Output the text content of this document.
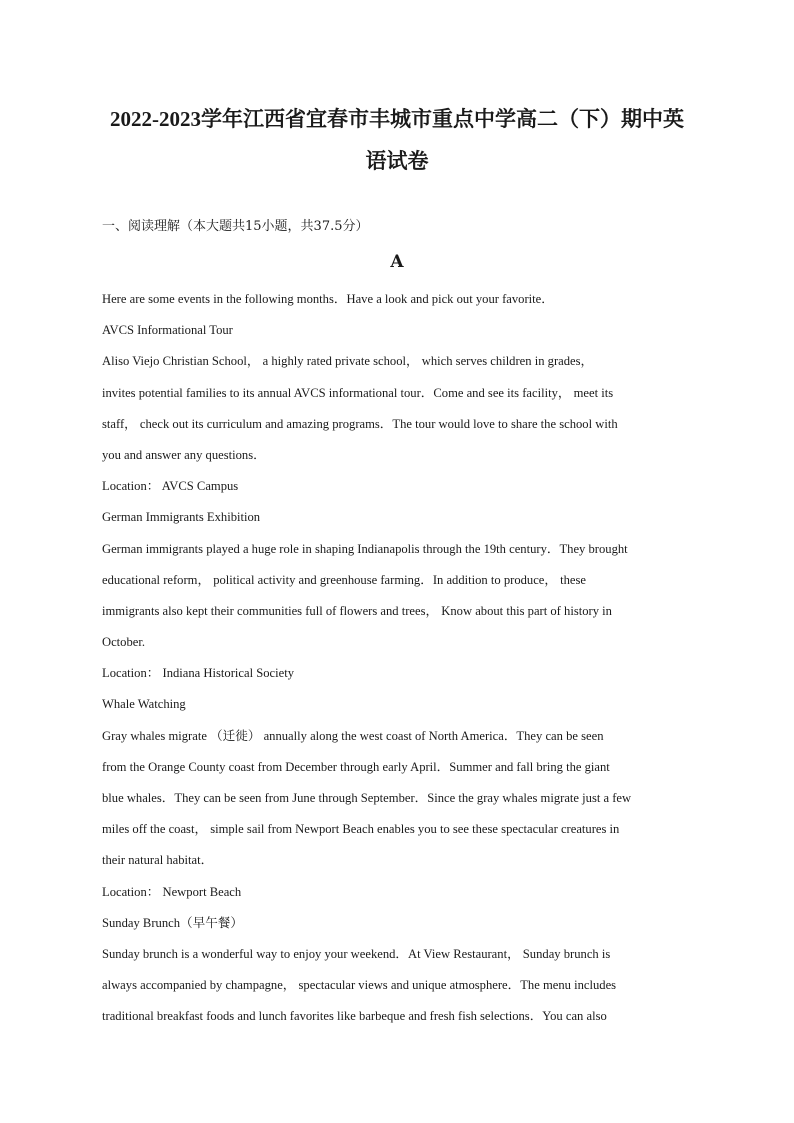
2022-2023学年江西省宜春市丰城市重点中学高二（下）期中英
语试卷
一、阅读理解（本大题共15小题，共37.5分）
A
Here are some events in the following months．Have a look and pick out your favorite．
AVCS Informational Tour
Aliso Viejo Christian School， a highly rated private school， which serves children in grades，
invites potential families to its annual AVCS informational tour．Come and see its facility， meet its
staff， check out its curriculum and amazing programs．The tour would love to share the school with
you and answer any questions．
Location： AVCS Campus
German Immigrants Exhibition
German immigrants played a huge role in shaping Indianapolis through the 19th century．They brought
educational reform， political activity and greenhouse farming．In addition to produce， these
immigrants also kept their communities full of flowers and trees， Know about this part of history in
October.
Location： Indiana Historical Society
Whale Watching
Gray whales migrate （迁徙） annually along the west coast of North America．They can be seen
from the Orange County coast from December through early April．Summer and fall bring the giant
blue whales．They can be seen from June through September．Since the gray whales migrate just a few
miles off the coast， simple sail from Newport Beach enables you to see these spectacular creatures in
their natural habitat．
Location： Newport Beach
Sunday Brunch（早午餐）
Sunday brunch is a wonderful way to enjoy your weekend．At View Restaurant， Sunday brunch is
always accompanied by champagne， spectacular views and unique atmosphere．The menu includes
traditional breakfast foods and lunch favorites like barbeque and fresh fish selections．You can also
